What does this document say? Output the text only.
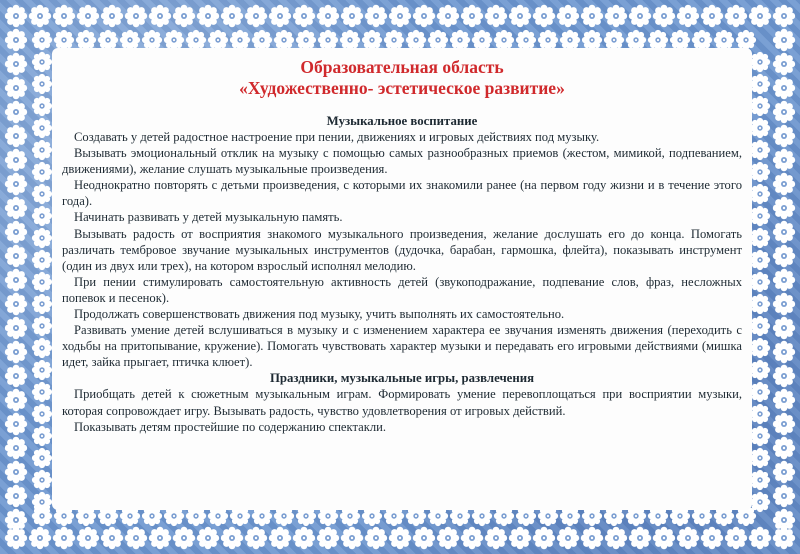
Образовательная область
«Художественно- эстетическое развитие»
Музыкальное воспитание

Создавать у детей радостное настроение при пении, движениях и игровых действиях под музыку.

Вызывать эмоциональный отклик на музыку с помощью самых разнообразных приемов (жестом, мимикой, подпеванием, движениями), желание слушать музыкальные произведения.

Неоднократно повторять с детьми произведения, с которыми их знакомили ранее (на первом году жизни и в течение этого года).

Начинать развивать у детей музыкальную память.

Вызывать радость от восприятия знакомого музыкального произведения, желание дослушать его до конца. Помогать различать тембровое звучание музыкальных инструментов (дудочка, барабан, гармошка, флейта), показывать инструмент (один из двух или трех), на котором взрослый исполнял мелодию.

При пении стимулировать самостоятельную активность детей (звукоподражание, подпевание слов, фраз, несложных попевок и песенок).

Продолжать совершенствовать движения под музыку, учить выполнять их самостоятельно.

Развивать умение детей вслушиваться в музыку и с изменением характера ее звучания изменять движения (переходить с ходьбы на притопывание, кружение). Помогать чувствовать характер музыки и передавать его игровыми действиями (мишка идет, зайка прыгает, птичка клюет).

Праздники, музыкальные игры, развлечения

Приобщать детей к сюжетным музыкальным играм. Формировать умение перевоплощаться при восприятии музыки, которая сопровождает игру. Вызывать радость, чувство удовлетворения от игровых действий.

Показывать детям простейшие по содержанию спектакли.
